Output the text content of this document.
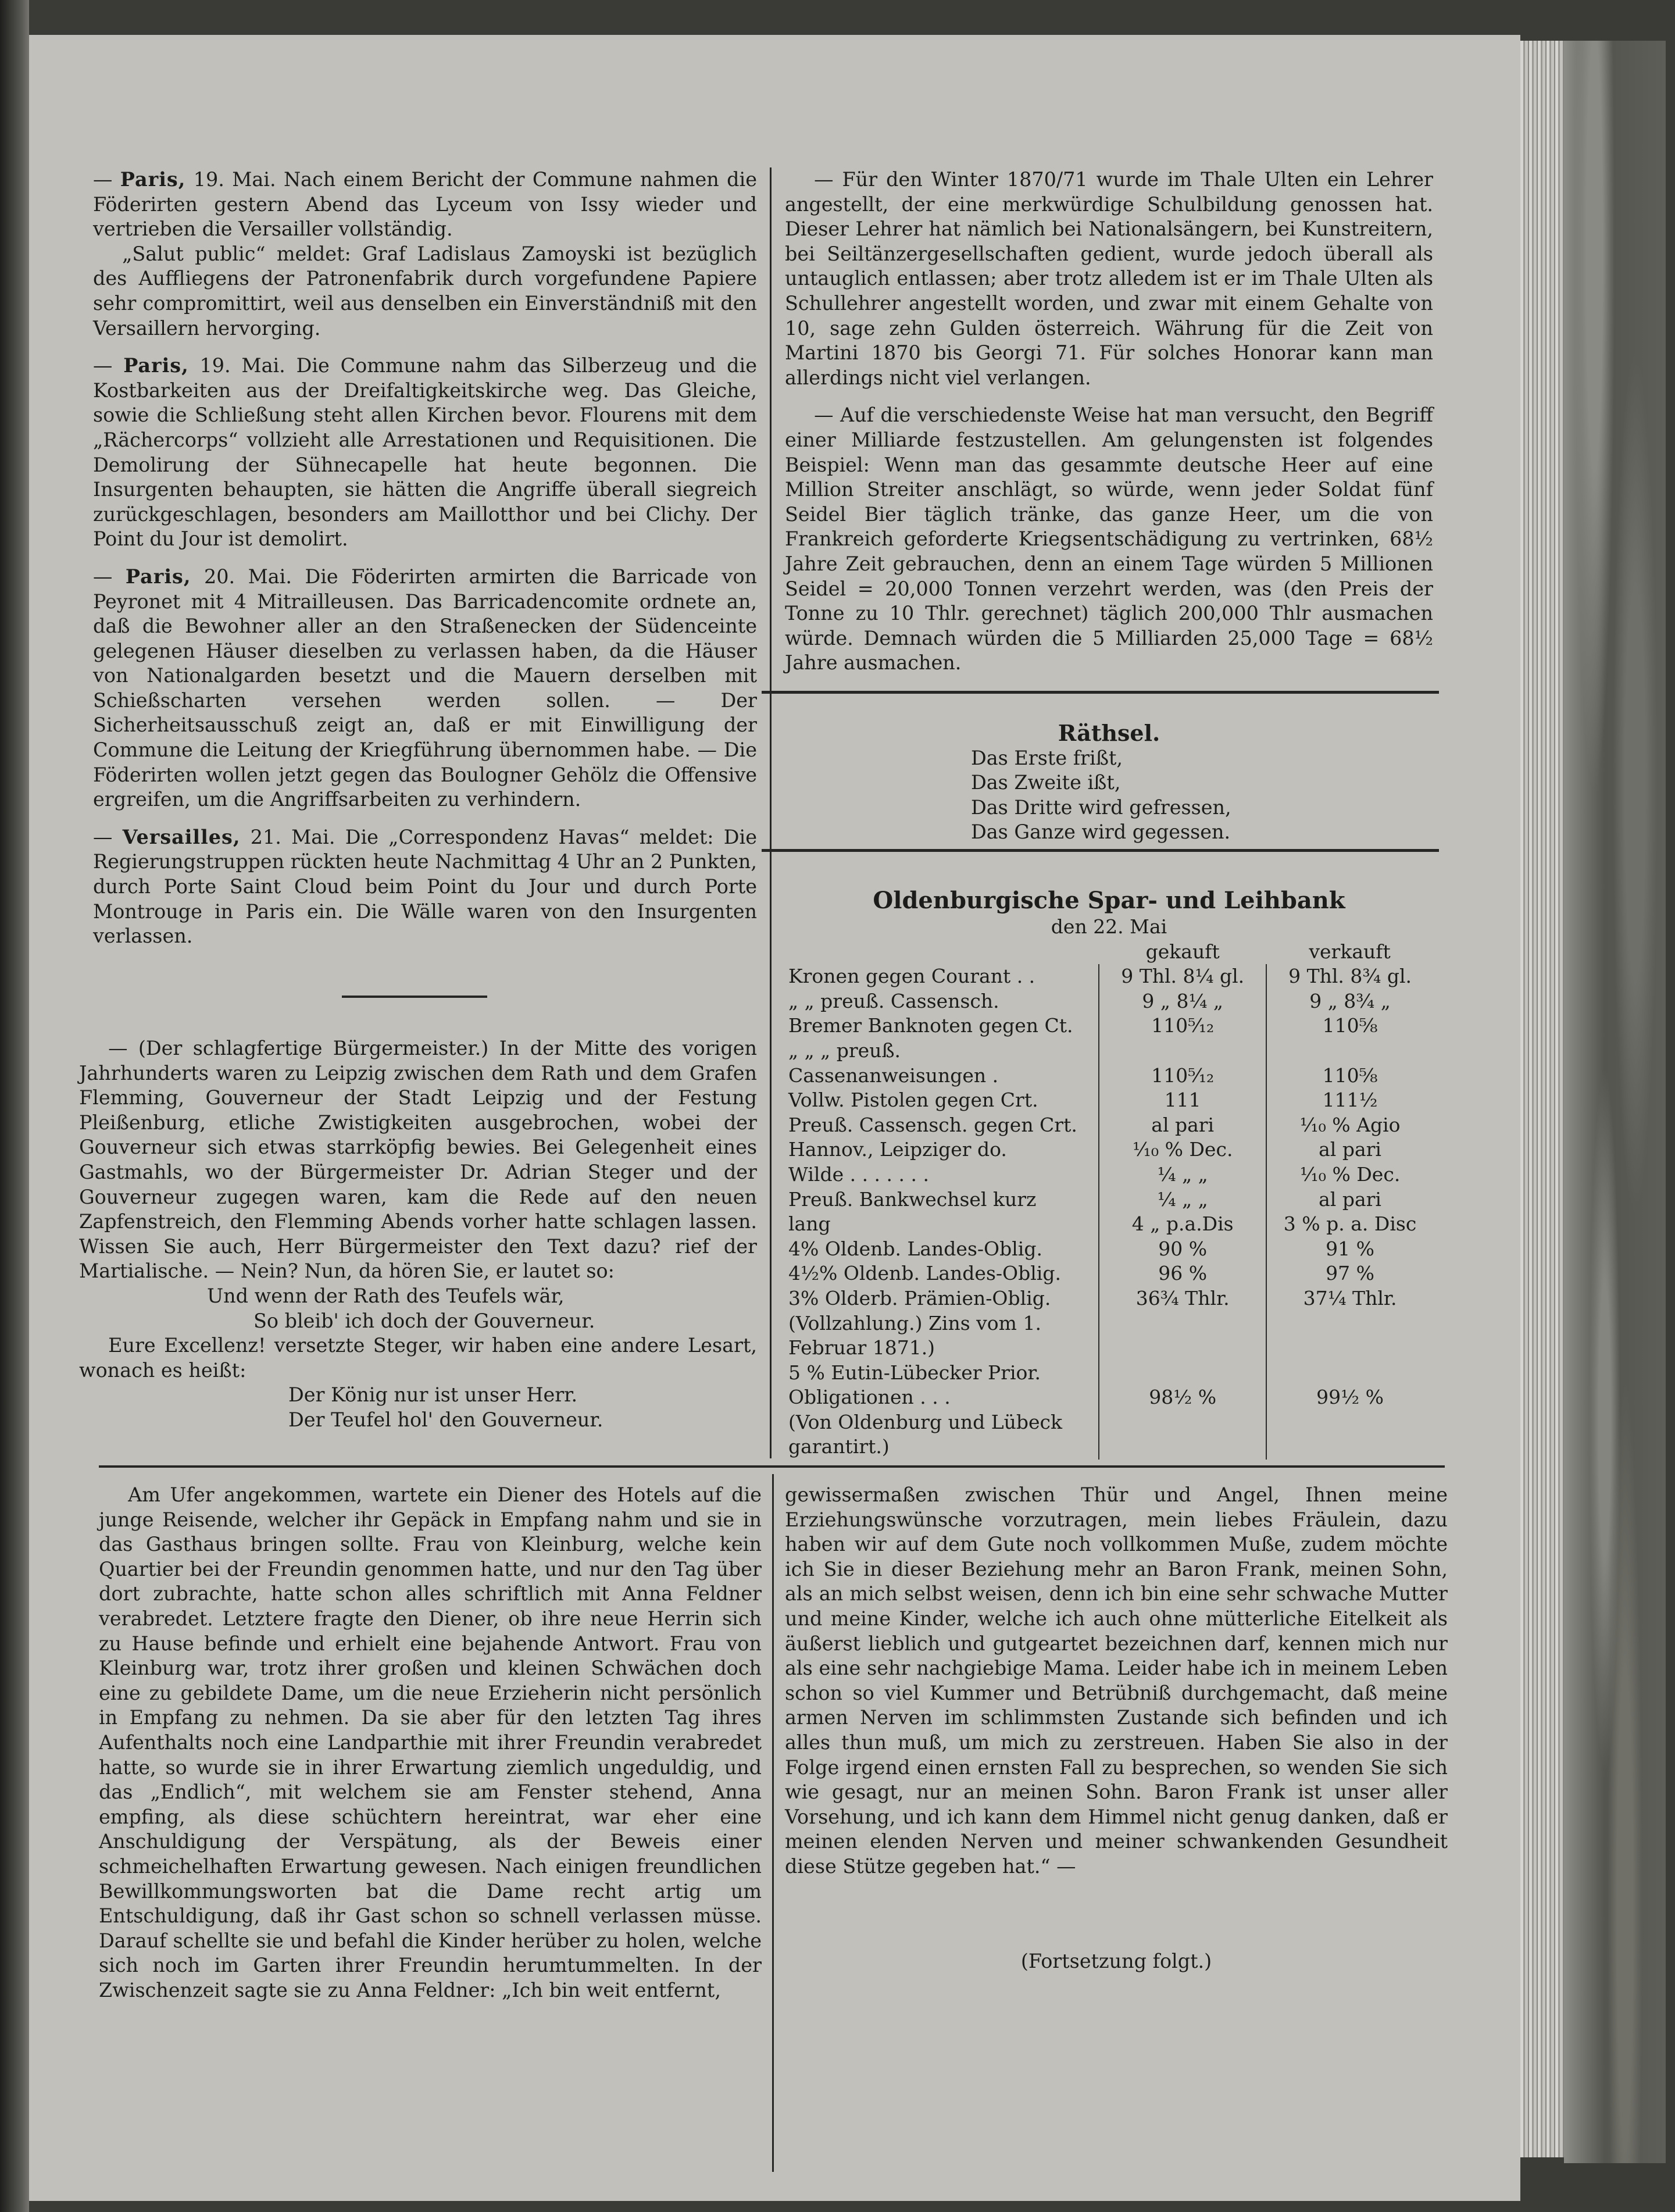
— Paris, 19. Mai. Nach einem Bericht der Commune nahmen die Föderirten gestern Abend das Lyceum von Issy wieder und vertrieben die Versailler vollständig.

„Salut public“ meldet: Graf Ladislaus Zamoyski ist bezüglich des Auffliegens der Patronenfabrik durch vorgefundene Papiere sehr compromittirt, weil aus denselben ein Einverständniß mit den Versaillern hervorging.

— Paris, 19. Mai. Die Commune nahm das Silberzeug und die Kostbarkeiten aus der Dreifaltigkeitskirche weg. Das Gleiche, sowie die Schließung steht allen Kirchen bevor. Flourens mit dem „Rächercorps“ vollzieht alle Arrestationen und Requisitionen. Die Demolirung der Sühnecapelle hat heute begonnen. Die Insurgenten behaupten, sie hätten die Angriffe überall siegreich zurückgeschlagen, besonders am Maillotthor und bei Clichy. Der Point du Jour ist demolirt.

— Paris, 20. Mai. Die Föderirten armirten die Barricade von Peyronet mit 4 Mitrailleusen. Das Barricadencomite ordnete an, daß die Bewohner aller an den Straßenecken der Südenceinte gelegenen Häuser dieselben zu verlassen haben, da die Häuser von Nationalgarden besetzt und die Mauern derselben mit Schießscharten versehen werden sollen. — Der Sicherheitsausschuß zeigt an, daß er mit Einwilligung der Commune die Leitung der Kriegführung übernommen habe. — Die Föderirten wollen jetzt gegen das Boulogner Gehölz die Offensive ergreifen, um die Angriffsarbeiten zu verhindern.

— Versailles, 21. Mai. Die „Correspondenz Havas“ meldet: Die Regierungstruppen rückten heute Nachmittag 4 Uhr an 2 Punkten, durch Porte Saint Cloud beim Point du Jour und durch Porte Montrouge in Paris ein. Die Wälle waren von den Insurgenten verlassen.

— (Der schlagfertige Bürgermeister.) In der Mitte des vorigen Jahrhunderts waren zu Leipzig zwischen dem Rath und dem Grafen Flemming, Gouverneur der Stadt Leipzig und der Festung Pleißenburg, etliche Zwistigkeiten ausgebrochen, wobei der Gouverneur sich etwas starrköpfig bewies. Bei Gelegenheit eines Gastmahls, wo der Bürgermeister Dr. Adrian Steger und der Gouverneur zugegen waren, kam die Rede auf den neuen Zapfenstreich, den Flemming Abends vorher hatte schlagen lassen. Wissen Sie auch, Herr Bürgermeister den Text dazu? rief der Martialische. — Nein? Nun, da hören Sie, er lautet so:

Und wenn der Rath des Teufels wär,

So bleib' ich doch der Gouverneur.

Eure Excellenz! versetzte Steger, wir haben eine andere Lesart, wonach es heißt:

Der König nur ist unser Herr.

Der Teufel hol' den Gouverneur.

— Für den Winter 1870/71 wurde im Thale Ulten ein Lehrer angestellt, der eine merkwürdige Schulbildung genossen hat. Dieser Lehrer hat nämlich bei Nationalsängern, bei Kunstreitern, bei Seiltänzergesellschaften gedient, wurde jedoch überall als untauglich entlassen; aber trotz alledem ist er im Thale Ulten als Schullehrer angestellt worden, und zwar mit einem Gehalte von 10, sage zehn Gulden österreich. Währung für die Zeit von Martini 1870 bis Georgi 71. Für solches Honorar kann man allerdings nicht viel verlangen.

— Auf die verschiedenste Weise hat man versucht, den Begriff einer Milliarde festzustellen. Am gelungensten ist folgendes Beispiel: Wenn man das gesammte deutsche Heer auf eine Million Streiter anschlägt, so würde, wenn jeder Soldat fünf Seidel Bier täglich tränke, das ganze Heer, um die von Frankreich geforderte Kriegsentschädigung zu vertrinken, 68½ Jahre Zeit gebrauchen, denn an einem Tage würden 5 Millionen Seidel = 20,000 Tonnen verzehrt werden, was (den Preis der Tonne zu 10 Thlr. gerechnet) täglich 200,000 Thlr ausmachen würde. Demnach würden die 5 Milliarden 25,000 Tage = 68½ Jahre ausmachen.

Räthsel.

Das Erste frißt,

Das Zweite ißt,

Das Dritte wird gefressen,

Das Ganze wird gegessen.

Oldenburgische Spar- und Leihbank
den 22. Mai
	gekauft	verkauft
Kronen gegen Courant . .	9 Thl. 8¼ gl.	9 Thl. 8¾ gl.
„ „ preuß. Cassensch.	9 „ 8¼ „	9 „ 8¾ „
Bremer Banknoten gegen Ct.	110⁵⁄₁₂	110⁵⁄₈
„ „ „ preuß.		
Cassenanweisungen .	110⁵⁄₁₂	110⁵⁄₈
Vollw. Pistolen gegen Crt.	111	111½
Preuß. Cassensch. gegen Crt.	al pari	¹⁄₁₀ % Agio
Hannov., Leipziger do.	¹⁄₁₀ % Dec.	al pari
Wilde . . . . . . .	¼ „ „	¹⁄₁₀ % Dec.
Preuß. Bankwechsel kurz	¼ „ „	al pari
lang	4 „ p.a.Dis	3 % p. a. Disc
4% Oldenb. Landes-Oblig.	90 %	91 %
4½% Oldenb. Landes-Oblig.	96 %	97 %
3% Olderb. Prämien-Oblig.	36¾ Thlr.	37¼ Thlr.
(Vollzahlung.) Zins vom 1.		
Februar 1871.)		
5 % Eutin-Lübecker Prior.		
Obligationen . . .	98½ %	99½ %
(Von Oldenburg und Lübeck		
garantirt.)		

Am Ufer angekommen, wartete ein Diener des Hotels auf die junge Reisende, welcher ihr Gepäck in Empfang nahm und sie in das Gasthaus bringen sollte. Frau von Kleinburg, welche kein Quartier bei der Freundin genommen hatte, und nur den Tag über dort zubrachte, hatte schon alles schriftlich mit Anna Feldner verabredet. Letztere fragte den Diener, ob ihre neue Herrin sich zu Hause befinde und erhielt eine bejahende Antwort. Frau von Kleinburg war, trotz ihrer großen und kleinen Schwächen doch eine zu gebildete Dame, um die neue Erzieherin nicht persönlich in Empfang zu nehmen. Da sie aber für den letzten Tag ihres Aufenthalts noch eine Landparthie mit ihrer Freundin verabredet hatte, so wurde sie in ihrer Erwartung ziemlich ungeduldig, und das „Endlich“, mit welchem sie am Fenster stehend, Anna empfing, als diese schüchtern hereintrat, war eher eine Anschuldigung der Verspätung, als der Beweis einer schmeichelhaften Erwartung gewesen. Nach einigen freundlichen Bewillkommungsworten bat die Dame recht artig um Entschuldigung, daß ihr Gast schon so schnell verlassen müsse. Darauf schellte sie und befahl die Kinder herüber zu holen, welche sich noch im Garten ihrer Freundin herumtummelten. In der Zwischenzeit sagte sie zu Anna Feldner: „Ich bin weit entfernt,

gewissermaßen zwischen Thür und Angel, Ihnen meine Erziehungswünsche vorzutragen, mein liebes Fräulein, dazu haben wir auf dem Gute noch vollkommen Muße, zudem möchte ich Sie in dieser Beziehung mehr an Baron Frank, meinen Sohn, als an mich selbst weisen, denn ich bin eine sehr schwache Mutter und meine Kinder, welche ich auch ohne mütterliche Eitelkeit als äußerst lieblich und gutgeartet bezeichnen darf, kennen mich nur als eine sehr nachgiebige Mama. Leider habe ich in meinem Leben schon so viel Kummer und Betrübniß durchgemacht, daß meine armen Nerven im schlimmsten Zustande sich befinden und ich alles thun muß, um mich zu zerstreuen. Haben Sie also in der Folge irgend einen ernsten Fall zu besprechen, so wenden Sie sich wie gesagt, nur an meinen Sohn. Baron Frank ist unser aller Vorsehung, und ich kann dem Himmel nicht genug danken, daß er meinen elenden Nerven und meiner schwankenden Gesundheit diese Stütze gegeben hat.“ —

(Fortsetzung folgt.)
